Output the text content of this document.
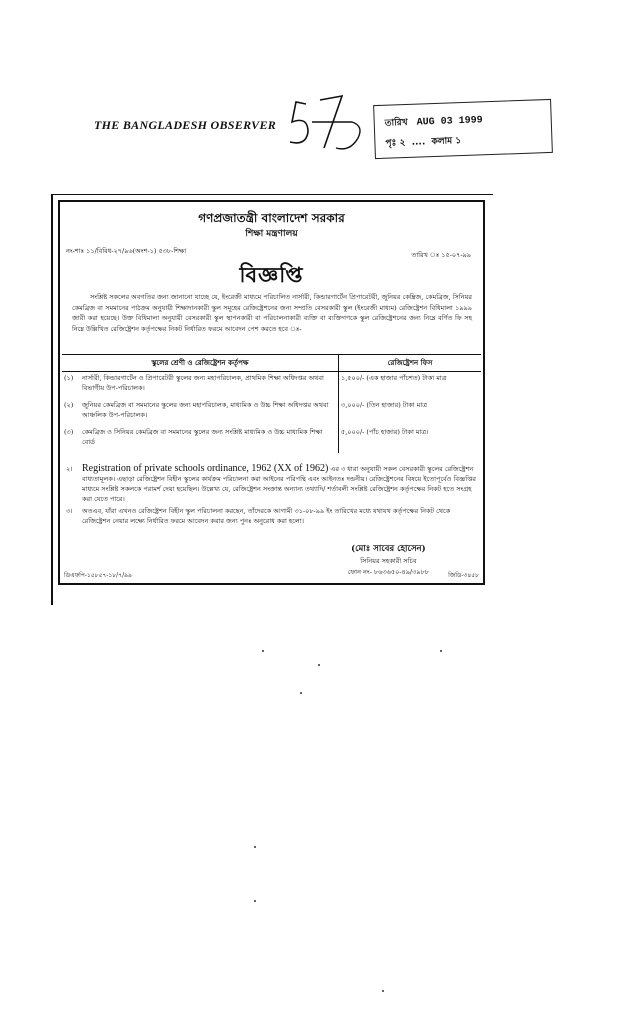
THE BANGLADESH OBSERVER	তারিখ AUG 03 1999
পৃঃ ২  ....  কলাম ১
গণপ্রজাতন্ত্রী বাংলাদেশ সরকার
শিক্ষা মন্ত্রণালয়
নং-শাঃ ১১/বিবিধ-২৭/৯৬(অংশ-১) ৫৩৮-শিক্ষা	তারিখ ঃ ১৫-০৭-৯৯
বিজ্ঞপ্তি
সংশ্লিষ্ট সকলের অবগতির জন্য জানানো যাচ্ছে যে, ইংরেজী মাধ্যমে পরিচালিত নার্সারী, কিন্ডারগার্টেন প্রিপারেটরী, জুনিয়র কেম্ব্রিজ, কেমব্রিজ, সিনিয়র কেমব্রিজ বা সমমানের পাঠক্রম অনুযায়ী শিক্ষাদানকারী স্কুল সমূহের রেজিষ্ট্রেশনের জন্য সম্প্রতি বেসরকারী স্কুল (ইংরেজী মাধ্যম) রেজিষ্ট্রেশন বিধিমালা ১৯৯৯ জারী করা হয়েছে। উক্ত বিধিমালা অনুযায়ী বেসরকারী স্কুল স্থাপনকারী বা পরিচালনাকারী ব্যক্তি বা ব্যক্তিগণকে স্কুল রেজিষ্ট্রেশনের জন্য নিম্নে বর্ণিত ফি সহ নিম্নে উল্লিখিত রেজিষ্ট্রেশন কর্তৃপক্ষের নিকট নির্ধারিত ফরমে আবেদন পেশ করতে হবে ঃ-
স্কুলের শ্রেণী ও রেজিষ্ট্রেশন কর্তৃপক্ষ		রেজিষ্ট্রেশন ফিস
(১)	নার্সারী, কিন্ডারগার্টেন ও প্রিপারেটরী স্কুলের জন্য মহাপরিচালক, প্রাথমিক শিক্ষা অধিদপ্তর অথবা বিভাগীয় উপ-পরিচালক।	১,৫০০/- (এক হাজার পাঁচশত) টাকা মাত্র
(২)	জুনিয়র কেমব্রিজ বা সমমানের স্কুলের জন্য মহাপরিচালক, মাধ্যমিক ও উচ্চ শিক্ষা অধিদপ্তর অথবা আঞ্চলিক উপ-পরিচালক।	৩,০০০/- (তিন হাজার) টাকা মাত্র
(৩)	কেমব্রিজ ও সিনিয়র কেমব্রিজ বা সমমানের স্কুলের জন্য সংশ্লিষ্ট মাধ্যমিক ও উচ্চ মাধ্যমিক শিক্ষা বোর্ড	৫,০০০/- (পাঁচ হাজার) টাকা মাত্র।
২। Registration of private schools ordinance, 1962 (XX of 1962) এর ৩ ধারা অনুযায়ী সকল বেসরকারী স্কুলের রেজিষ্ট্রেশন বাধ্যতামূলক। এছাড়া রেজিষ্ট্রেশন বিহীন স্কুলের কার্যক্রম পরিচালনা করা আইনের পরিপন্থি এবং আইনতঃ দন্ডনীয়। রেজিষ্ট্রেশনের বিষয়ে ইতোপূর্বেও বিজ্ঞপ্তির মাধ্যমে সংশ্লিষ্ট সকলকে পরামর্শ দেয়া হয়েছিল। উল্লেখ্য যে, রেজিষ্ট্রেশন সংক্রান্ত অন্যান্য তথ্যাদি/ শর্তাবলী সংশ্লিষ্ট রেজিষ্ট্রেশন কর্তৃপক্ষের নিকট হতে সংগ্রহ করা যেতে পারে।
৩। অতএব, যাঁরা এখনও রেজিষ্ট্রেশন বিহীন স্কুল পরিচালনা করছেন, তাঁদেরকে আগামী ৩১-০৮-৯৯ ইং তারিখের মধ্যে যথাযথ কর্তৃপক্ষের নিকট থেকে রেজিষ্ট্রেশন নেয়ার লক্ষ্যে নির্ধারিত ফরমে আবেদন করার জন্য পুনঃ অনুরোধ করা হলো।
(মোঃ সাবের হোসেন)
সিনিয়র সহকারী সচিব
ফোন নং- ৮৬৩৬৫০-৪৯/৩৯৮৮
ডিএফপি-১৫৮৫৭-১৮/৭/৯৯	জিডি-৩৪৫৮
